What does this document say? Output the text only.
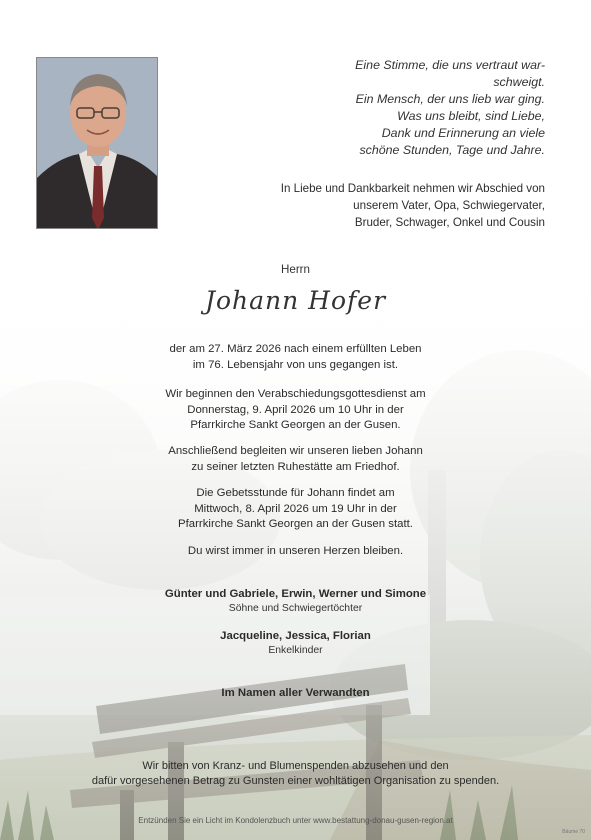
Eine Stimme, die uns vertraut war-
schweigt.
Ein Mensch, der uns lieb war ging.
Was uns bleibt, sind Liebe,
Dank und Erinnerung an viele
schöne Stunden, Tage und Jahre.
In Liebe und Dankbarkeit nehmen wir Abschied von
unserem Vater, Opa, Schwiegervater,
Bruder, Schwager, Onkel und Cousin
Herrn
Johann Hofer
der am 27. März 2026 nach einem erfüllten Leben
im 76. Lebensjahr von uns gegangen ist.
Wir beginnen den Verabschiedungsgottesdienst am
Donnerstag, 9. April 2026 um 10 Uhr in der
Pfarrkirche Sankt Georgen an der Gusen.
Anschließend begleiten wir unseren lieben Johann
zu seiner letzten Ruhestätte am Friedhof.
Die Gebetsstunde für Johann findet am
Mittwoch, 8. April 2026 um 19 Uhr in der
Pfarrkirche Sankt Georgen an der Gusen statt.
Du wirst immer in unseren Herzen bleiben.
Günter und Gabriele, Erwin, Werner und Simone
Söhne und Schwiegertöchter
Jacqueline, Jessica, Florian
Enkelkinder
Im Namen aller Verwandten
Wir bitten von Kranz- und Blumenspenden abzusehen und den
dafür vorgesehenen Betrag zu Gunsten einer wohltätigen Organisation zu spenden.
Entzünden Sie ein Licht im Kondolenzbuch unter www.bestattung-donau-gusen-region.at
Bäume 70
